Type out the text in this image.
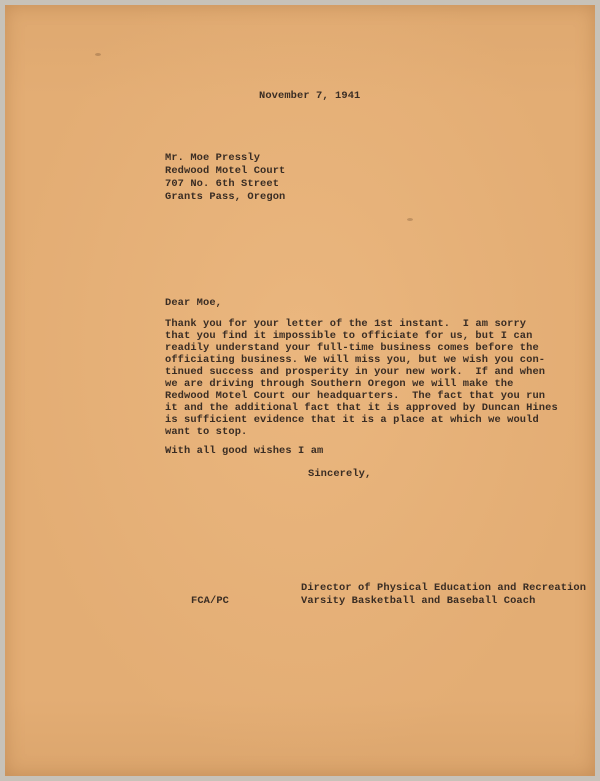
November 7, 1941
Mr. Moe Pressly
Redwood Motel Court
707 No. 6th Street
Grants Pass, Oregon
Dear Moe,
Thank you for your letter of the 1st instant.  I am sorry
that you find it impossible to officiate for us, but I can
readily understand your full-time business comes before the
officiating business. We will miss you, but we wish you con-
tinued success and prosperity in your new work.  If and when
we are driving through Southern Oregon we will make the
Redwood Motel Court our headquarters.  The fact that you run
it and the additional fact that it is approved by Duncan Hines
is sufficient evidence that it is a place at which we would
want to stop.
With all good wishes I am
Sincerely,
FCA/PC
Director of Physical Education and Recreation
Varsity Basketball and Baseball Coach
